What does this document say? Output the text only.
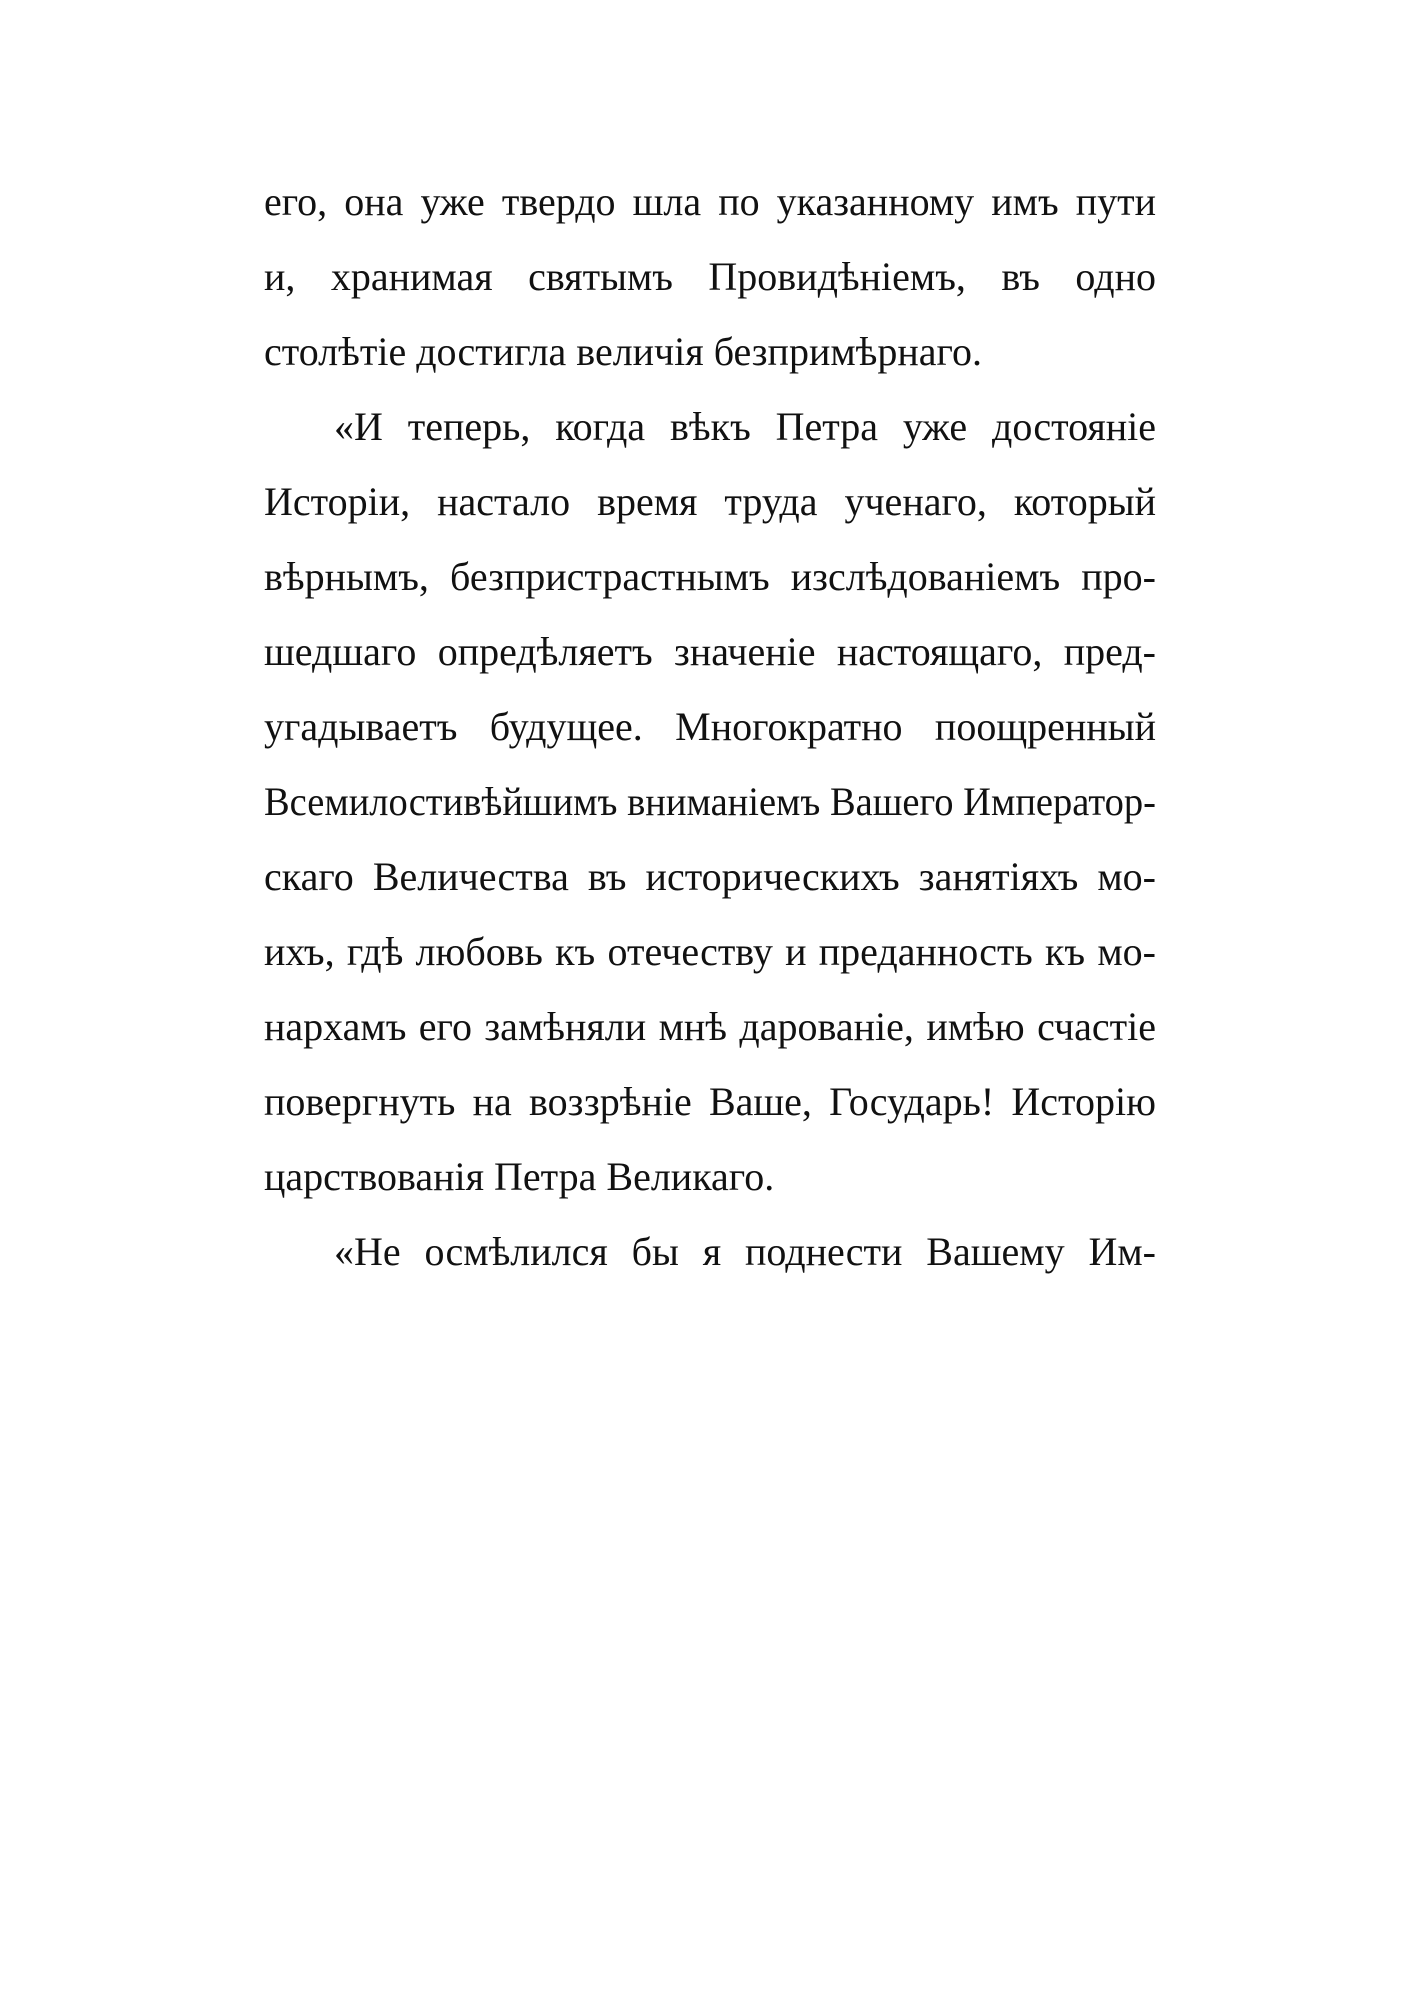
его, она уже твердо шла по указанному имъ пути
и, хранимая святымъ Провидѣніемъ, въ одно
столѣтіе достигла величія безпримѣрнаго.
«И теперь, когда вѣкъ Петра уже достояніе
Исторіи, настало время труда ученаго, который
вѣрнымъ, безпристрастнымъ изслѣдованіемъ про-
шедшаго опредѣляетъ значеніе настоящаго, пред-
угадываетъ будущее. Многократно поощренный
Всемилостивѣйшимъ вниманіемъ Вашего Император-
скаго Величества въ историческихъ занятіяхъ мо-
ихъ, гдѣ любовь къ отечеству и преданность къ мо-
нархамъ его замѣняли мнѣ дарованіе, имѣю счастіе
повергнуть на воззрѣніе Ваше, Государь! Исторію
царствованія Петра Великаго.
«Не осмѣлился бы я поднести Вашему Им-
